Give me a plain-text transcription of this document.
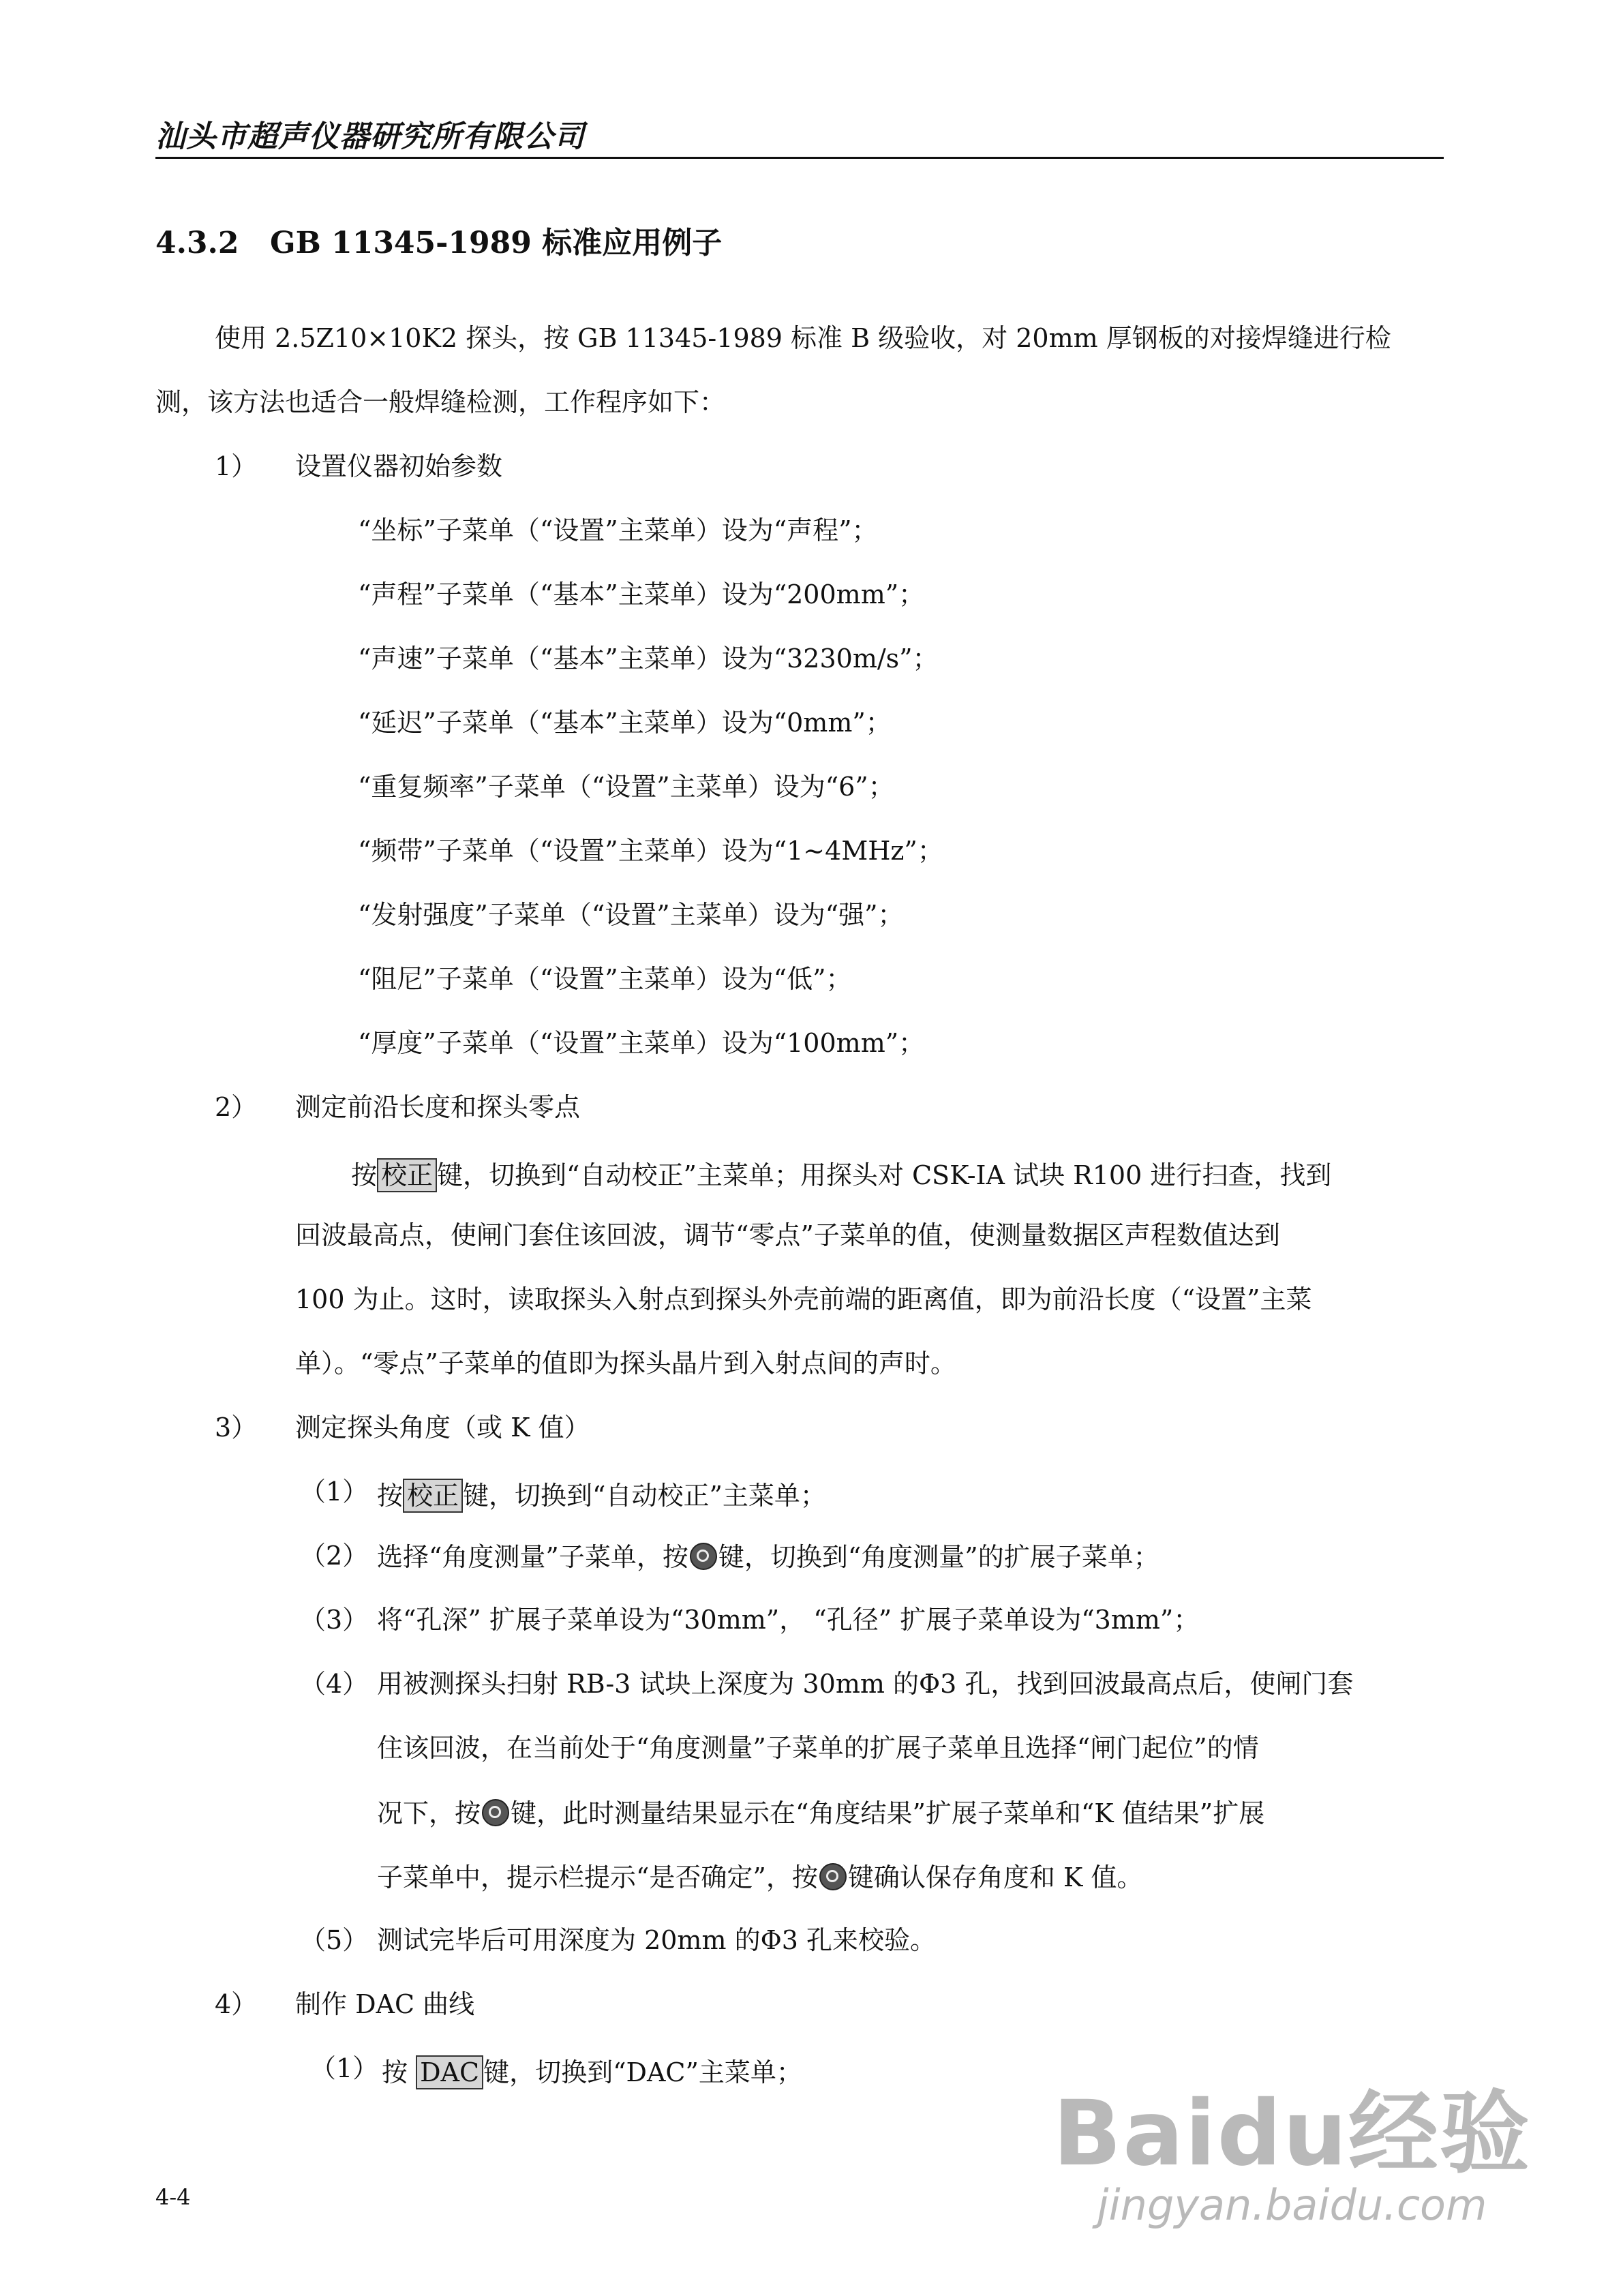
汕头市超声仪器研究所有限公司
4.3.2 GB 11345-1989 标准应用例子
使用 2.5Z10×10K2 探头，按 GB 11345-1989 标准 B 级验收，对 20mm 厚钢板的对接焊缝进行检
测，该方法也适合一般焊缝检测，工作程序如下：
1） 设置仪器初始参数
“坐标”子菜单（“设置”主菜单）设为“声程”；
“声程”子菜单（“基本”主菜单）设为“200mm”；
“声速”子菜单（“基本”主菜单）设为“3230m/s”；
“延迟”子菜单（“基本”主菜单）设为“0mm”；
“重复频率”子菜单（“设置”主菜单）设为“6”；
“频带”子菜单（“设置”主菜单）设为“1~4MHz”；
“发射强度”子菜单（“设置”主菜单）设为“强”；
“阻尼”子菜单（“设置”主菜单）设为“低”；
“厚度”子菜单（“设置”主菜单）设为“100mm”；
2） 测定前沿长度和探头零点
按 校正 键，切换到“自动校正”主菜单；用探头对 CSK-IA 试块 R100 进行扫查，找到
回波最高点，使闸门套住该回波，调节“零点”子菜单的值，使测量数据区声程数值达到
100 为止。这时，读取探头入射点到探头外壳前端的距离值，即为前沿长度（“设置”主菜
单）。“零点”子菜单的值即为探头晶片到入射点间的声时。
3） 测定探头角度（或 K 值）
（1） 按 校正 键，切换到“自动校正”主菜单；
（2） 选择“角度测量”子菜单，按 键，切换到“角度测量”的扩展子菜单；
（3） 将“孔深” 扩展子菜单设为“30mm”， “孔径” 扩展子菜单设为“3mm”；
（4） 用被测探头扫射 RB-3 试块上深度为 30mm 的Φ3 孔，找到回波最高点后，使闸门套
住该回波，在当前处于“角度测量”子菜单的扩展子菜单且选择“闸门起位”的情
况下，按 键，此时测量结果显示在“角度结果”扩展子菜单和“K 值结果”扩展
子菜单中，提示栏提示“是否确定”，按 键确认保存角度和 K 值。
（5） 测试完毕后可用深度为 20mm 的Φ3 孔来校验。
4） 制作 DAC 曲线
（1） 按 DAC 键，切换到“DAC”主菜单；
4-4
Baidu经验
jingyan.baidu.com
